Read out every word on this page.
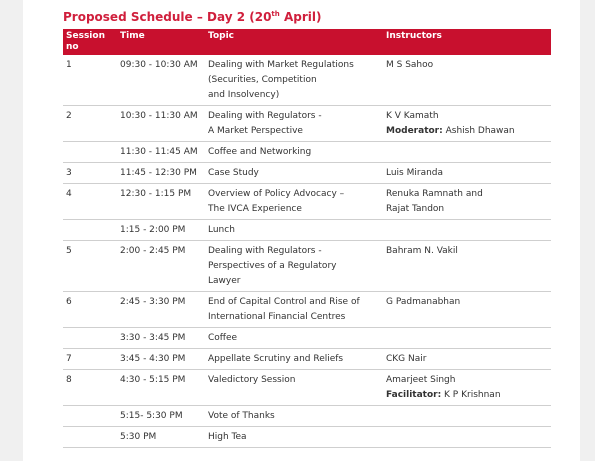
Proposed Schedule – Day 2 (20th April)
Session
no	Time	Topic	Instructors
1	09:30 - 10:30 AM	Dealing with Market Regulations
(Securities, Competition
and Insolvency)	M S Sahoo

2	10:30 - 11:30 AM	Dealing with Regulators -
A Market Perspective	K V Kamath
Moderator: Ashish Dhawan

	11:30 - 11:45 AM	Coffee and Networking	

3	11:45 - 12:30 PM	Case Study	Luis Miranda

4	12:30 - 1:15 PM	Overview of Policy Advocacy –
The IVCA Experience	Renuka Ramnath and
Rajat Tandon

	1:15 - 2:00 PM	Lunch	

5	2:00 - 2:45 PM	Dealing with Regulators -
Perspectives of a Regulatory
Lawyer	Bahram N. Vakil

6	2:45 - 3:30 PM	End of Capital Control and Rise of
International Financial Centres	G Padmanabhan

	3:30 - 3:45 PM	Coffee	

7	3:45 - 4:30 PM	Appellate Scrutiny and Reliefs	CKG Nair

8	4:30 - 5:15 PM	Valedictory Session	Amarjeet Singh
Facilitator: K P Krishnan

	5:15- 5:30 PM	Vote of Thanks	

	5:30 PM	High Tea	
